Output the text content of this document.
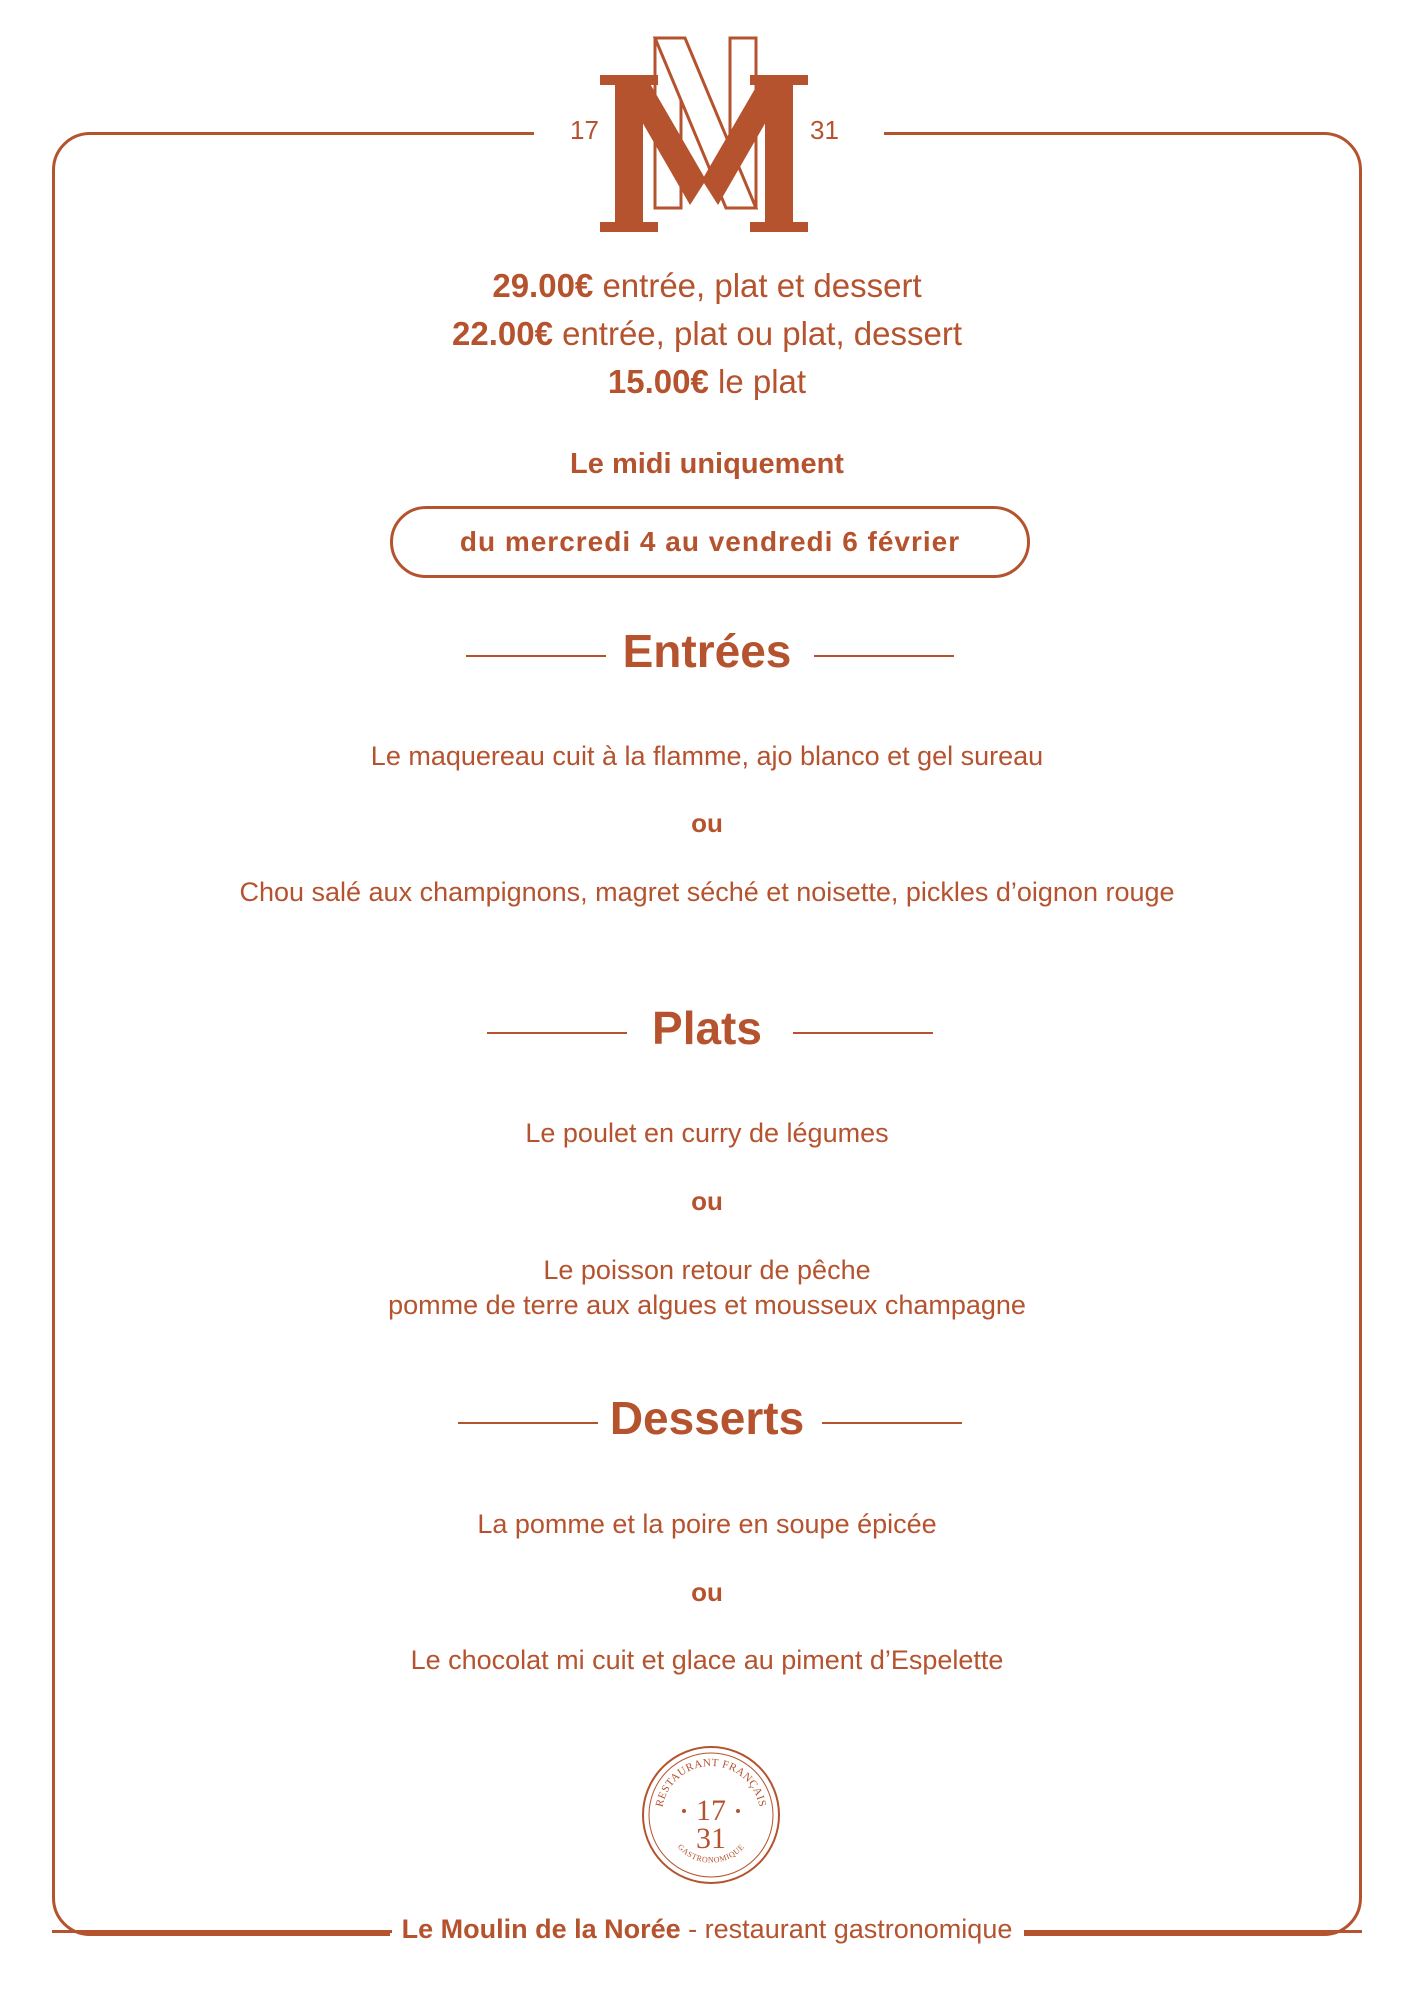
17	31
29.00€ entrée, plat et dessert
22.00€ entrée, plat ou plat, dessert
15.00€ le plat
Le midi uniquement
du mercredi 4 au vendredi 6 février
Entrées
Le maquereau cuit à la flamme, ajo blanco et gel sureau
ou
Chou salé aux champignons, magret séché et noisette, pickles d’oignon rouge
Plats
Le poulet en curry de légumes
ou
Le poisson retour de pêche
pomme de terre aux algues et mousseux champagne
Desserts
La pomme et la poire en soupe épicée
ou
Le chocolat mi cuit et glace au piment d’Espelette
RESTAURANT FRANÇAIS
GASTRONOMIQUE
17
31
Le Moulin de la Norée - restaurant gastronomique
